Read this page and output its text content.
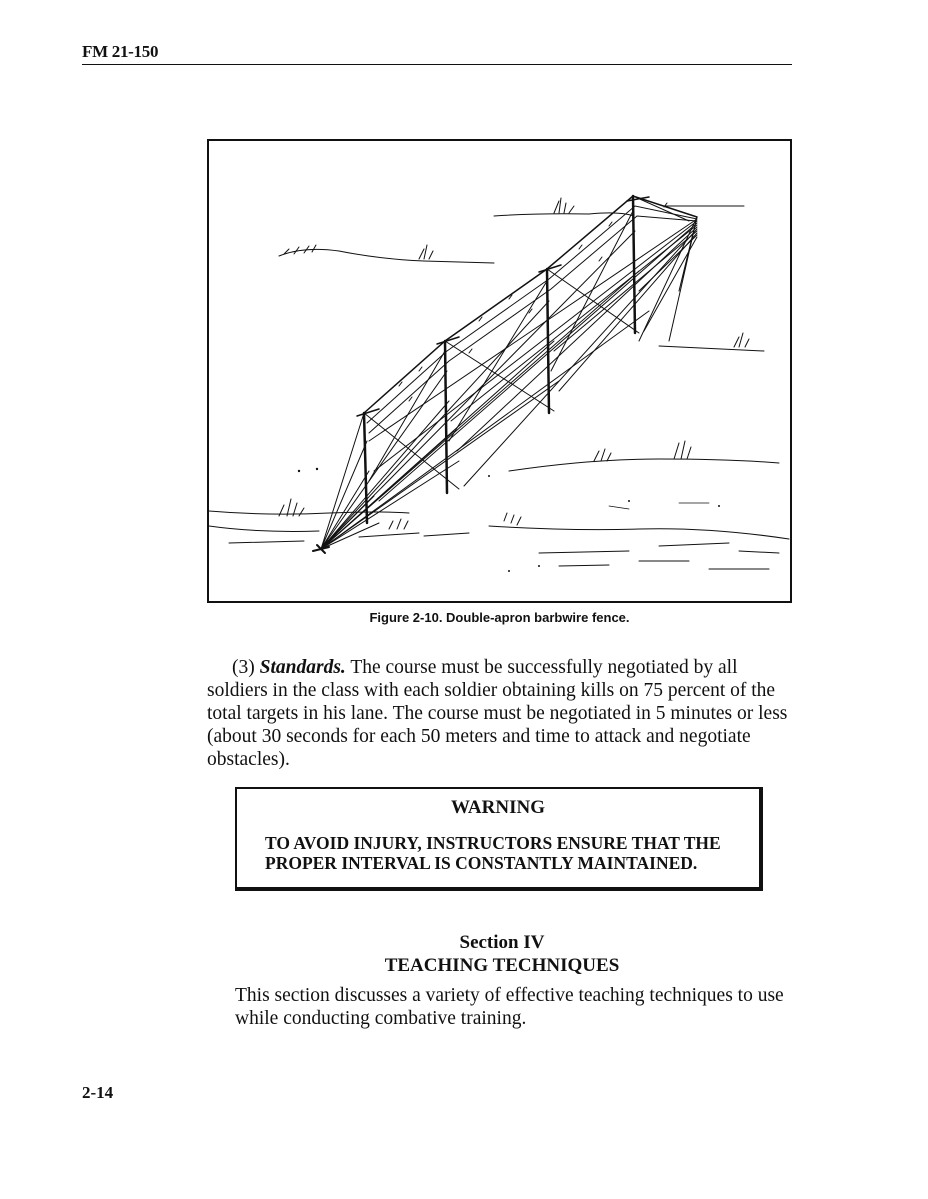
FM 21-150
Figure 2-10. Double-apron barbwire fence.

(3) Standards. The course must be successfully negotiated by all soldiers in the class with each soldier obtaining kills on 75 percent of the total targets in his lane. The course must be negotiated in 5 minutes or less (about 30 seconds for each 50 meters and time to attack and negotiate obstacles).

WARNING
TO AVOID INJURY, INSTRUCTORS ENSURE THAT THE PROPER INTERVAL IS CONSTANTLY MAINTAINED.
Section IV
TEACHING TECHNIQUES

This section discusses a variety of effective teaching techniques to use while conducting combative training.

2-14
